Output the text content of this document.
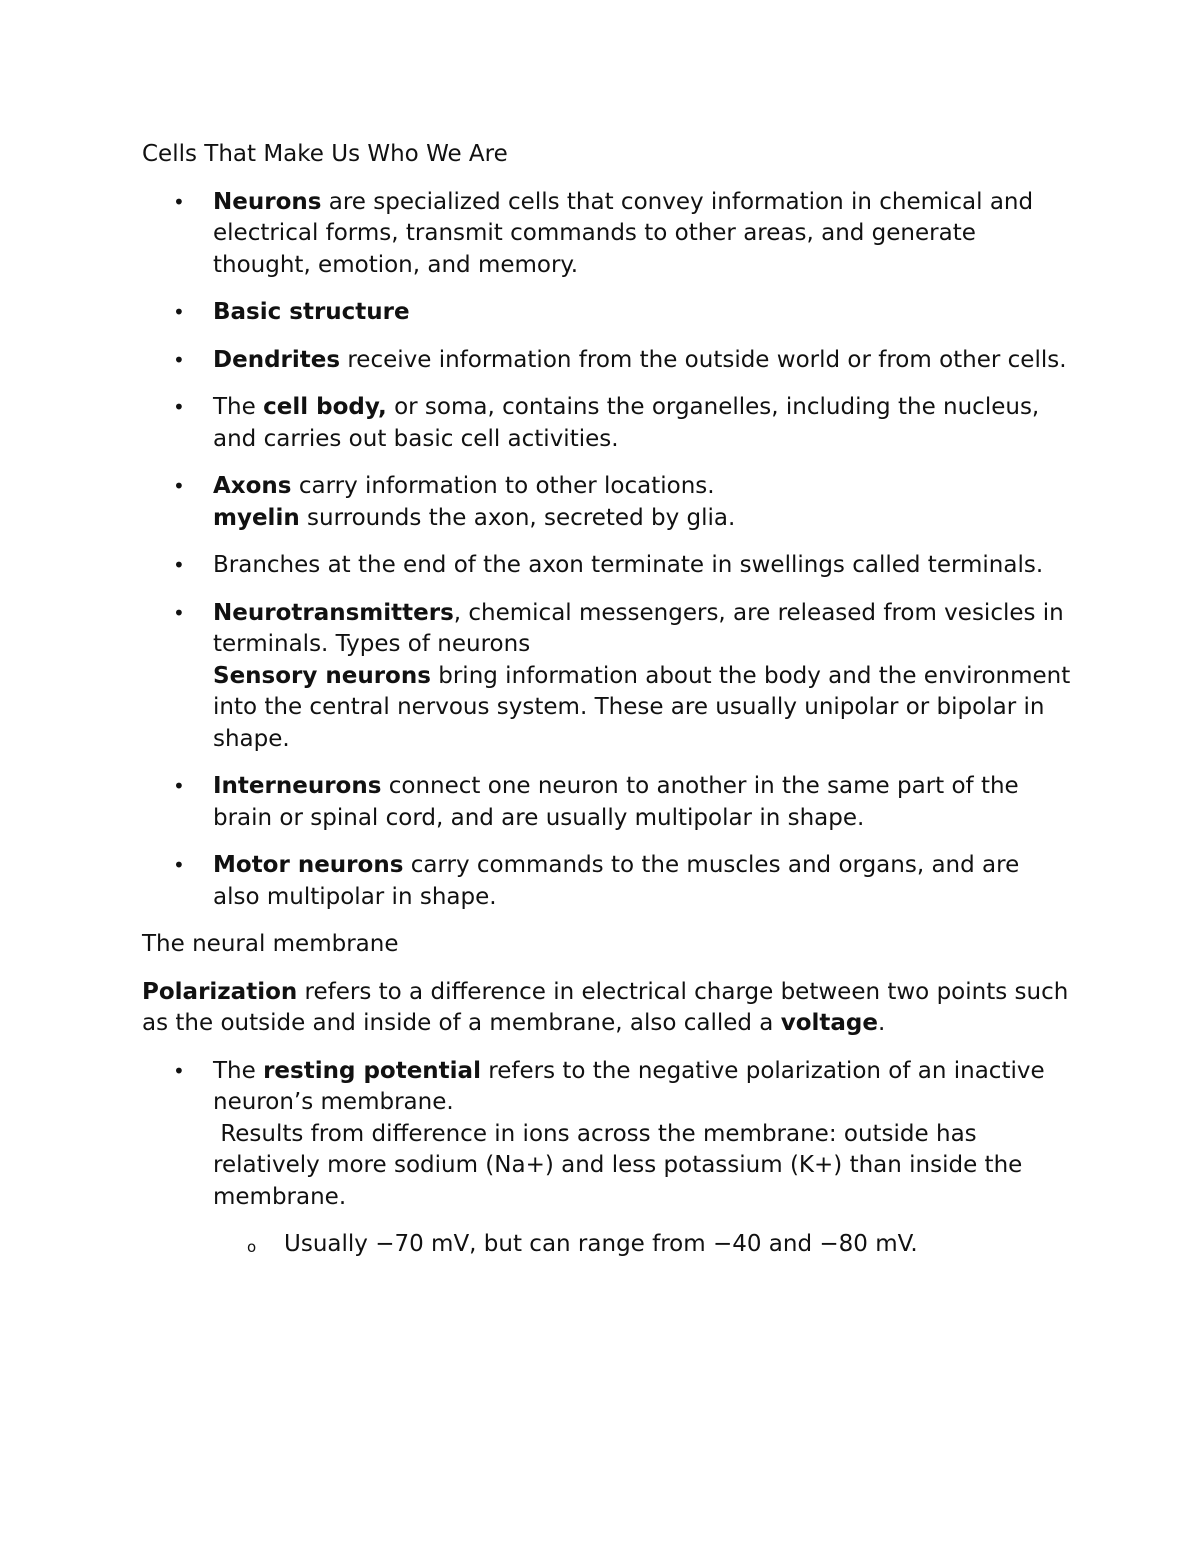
Cells That Make Us Who We Are
• Neurons are specialized cells that convey information in chemical and electrical forms, transmit commands to other areas, and generate thought, emotion, and memory.
• Basic structure
• Dendrites receive information from the outside world or from other cells.
• The cell body, or soma, contains the organelles, including the nucleus, and carries out basic cell activities.
• Axons carry information to other locations.
myelin surrounds the axon, secreted by glia.
• Branches at the end of the axon terminate in swellings called terminals.
• Neurotransmitters, chemical messengers, are released from vesicles in terminals. Types of neurons
Sensory neurons bring information about the body and the environment into the central nervous system. These are usually unipolar or bipolar in shape.
• Interneurons connect one neuron to another in the same part of the brain or spinal cord, and are usually multipolar in shape.
• Motor neurons carry commands to the muscles and organs, and are also multipolar in shape.
The neural membrane
Polarization refers to a difference in electrical charge between two points such as the outside and inside of a membrane, also called a voltage.
• The resting potential refers to the negative polarization of an inactive neuron’s membrane.
Results from difference in ions across the membrane: outside has relatively more sodium (Na+) and less potassium (K+) than inside the membrane.
o Usually −70 mV, but can range from −40 and −80 mV.
